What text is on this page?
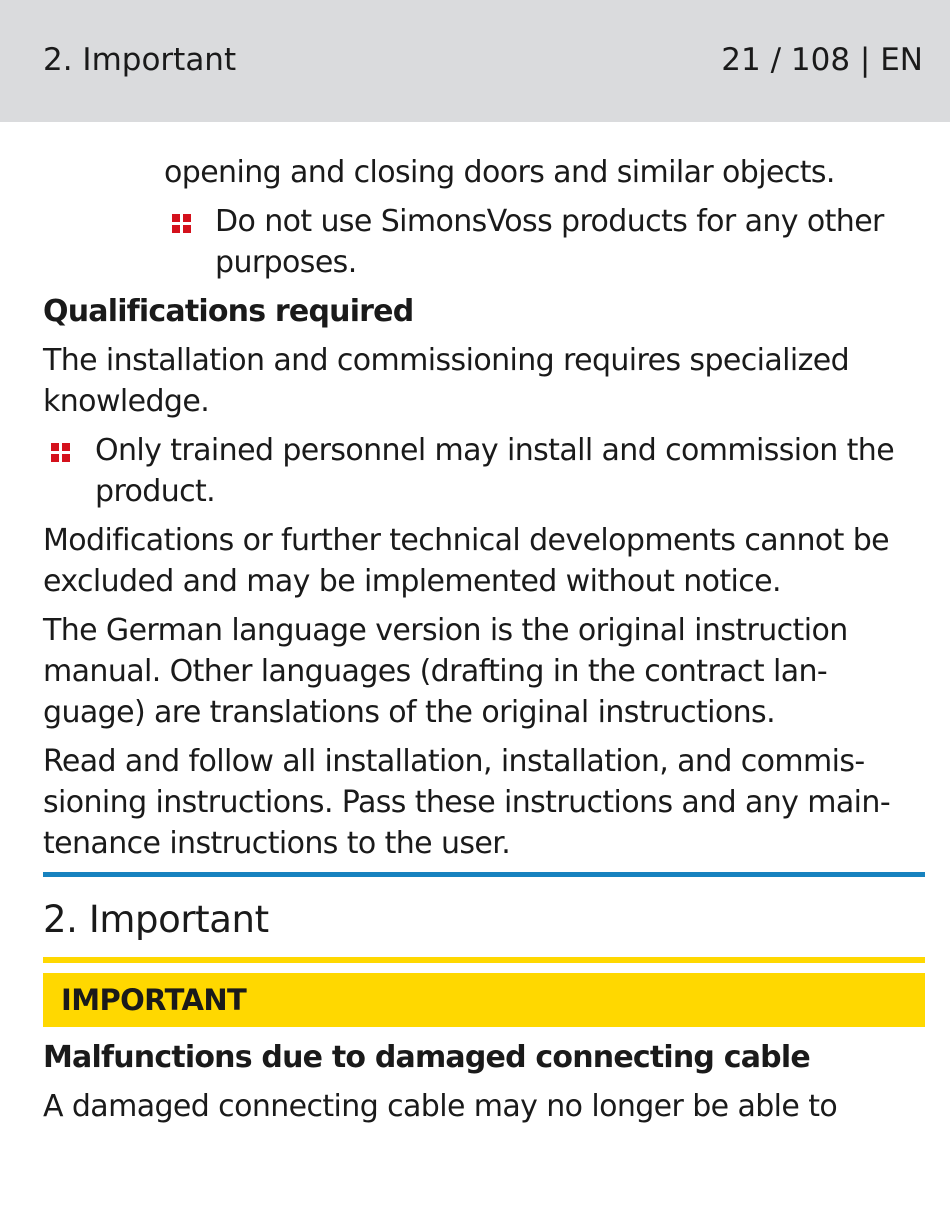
2. Important	21 / 108 | EN

opening and closing doors and similar objects.

Do not use SimonsVoss products for any other purposes.

Qualifications required

The installation and commissioning requires specialized knowledge.

Only trained personnel may install and commission the product.

Modifications or further technical developments cannot be excluded and may be implemented without notice.

The German language version is the original instruction manual. Other languages (drafting in the contract lan-guage) are translations of the original instructions.

Read and follow all installation, installation, and commis-sioning instructions. Pass these instructions and any main-tenance instructions to the user.

2. Important
IMPORTANT

Malfunctions due to damaged connecting cable

A damaged connecting cable may no longer be able to
